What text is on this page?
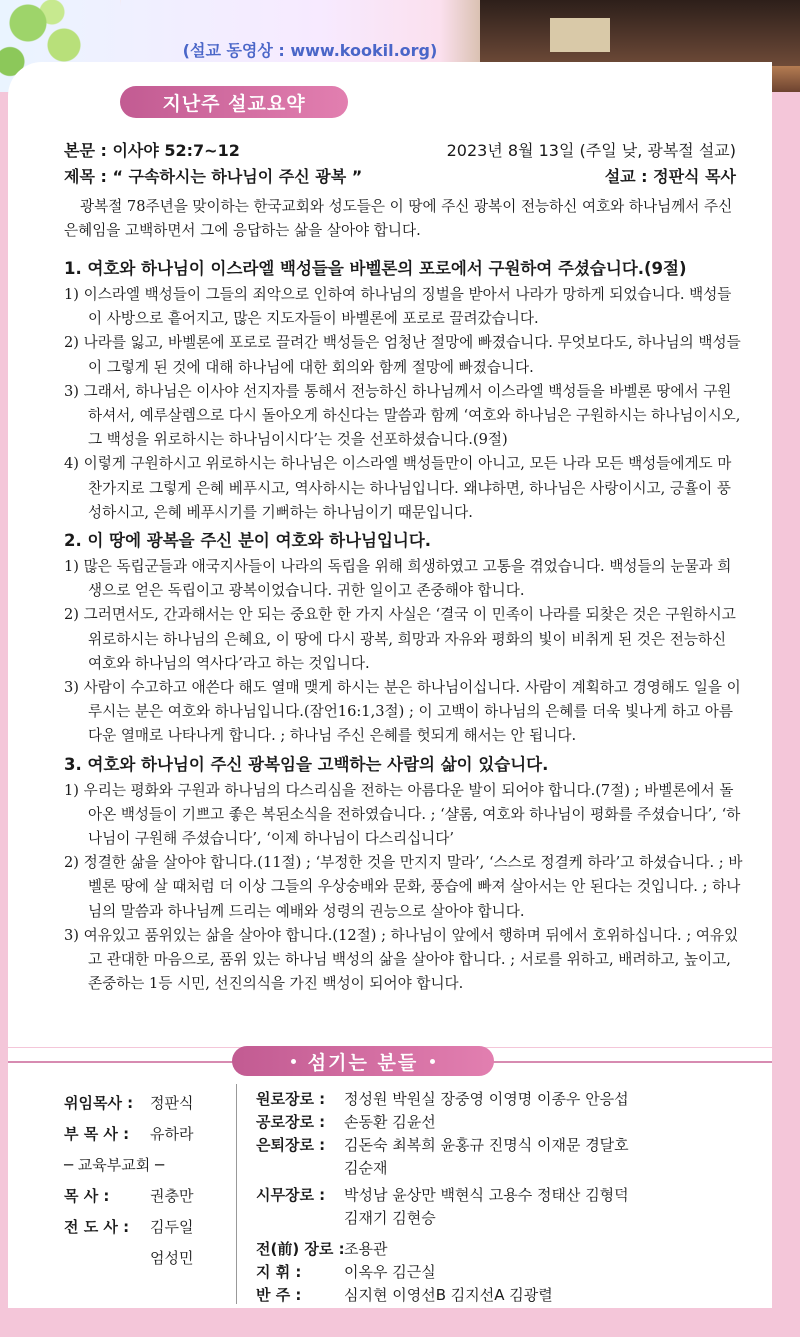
(설교 동영상 : www.kookil.org)
지난주 설교요약
본문 : 이사야 52:7~12	2023년 8월 13일 (주일 낮, 광복절 설교)
제목 : “ 구속하시는 하나님이 주신 광복 ”	설교 : 정판식 목사
광복절 78주년을 맞이하는 한국교회와 성도들은 이 땅에 주신 광복이 전능하신 여호와 하나님께서 주신 은혜임을 고백하면서 그에 응답하는 삶을 살아야 합니다.
1. 여호와 하나님이 이스라엘 백성들을 바벨론의 포로에서 구원하여 주셨습니다.(9절)
1) 이스라엘 백성들이 그들의 죄악으로 인하여 하나님의 징벌을 받아서 나라가 망하게 되었습니다. 백성들이 사방으로 흩어지고, 많은 지도자들이 바벨론에 포로로 끌려갔습니다.
2) 나라를 잃고, 바벨론에 포로로 끌려간 백성들은 엄청난 절망에 빠졌습니다. 무엇보다도, 하나님의 백성들이 그렇게 된 것에 대해 하나님에 대한 회의와 함께 절망에 빠졌습니다.
3) 그래서, 하나님은 이사야 선지자를 통해서 전능하신 하나님께서 이스라엘 백성들을 바벨론 땅에서 구원하셔서, 예루살렘으로 다시 돌아오게 하신다는 말씀과 함께 ‘여호와 하나님은 구원하시는 하나님이시오, 그 백성을 위로하시는 하나님이시다’는 것을 선포하셨습니다.(9절)
4) 이렇게 구원하시고 위로하시는 하나님은 이스라엘 백성들만이 아니고, 모든 나라 모든 백성들에게도 마찬가지로 그렇게 은혜 베푸시고, 역사하시는 하나님입니다. 왜냐하면, 하나님은 사랑이시고, 긍휼이 풍성하시고, 은혜 베푸시기를 기뻐하는 하나님이기 때문입니다.
2. 이 땅에 광복을 주신 분이 여호와 하나님입니다.
1) 많은 독립군들과 애국지사들이 나라의 독립을 위해 희생하였고 고통을 겪었습니다. 백성들의 눈물과 희생으로 얻은 독립이고 광복이었습니다. 귀한 일이고 존중해야 합니다.
2) 그러면서도, 간과해서는 안 되는 중요한 한 가지 사실은 ‘결국 이 민족이 나라를 되찾은 것은 구원하시고 위로하시는 하나님의 은혜요, 이 땅에 다시 광복, 희망과 자유와 평화의 빛이 비취게 된 것은 전능하신 여호와 하나님의 역사다’라고 하는 것입니다.
3) 사람이 수고하고 애쓴다 해도 열매 맺게 하시는 분은 하나님이십니다. 사람이 계획하고 경영해도 일을 이루시는 분은 여호와 하나님입니다.(잠언16:1,3절) ; 이 고백이 하나님의 은혜를 더욱 빛나게 하고 아름다운 열매로 나타나게 합니다. ; 하나님 주신 은혜를 헛되게 해서는 안 됩니다.
3. 여호와 하나님이 주신 광복임을 고백하는 사람의 삶이 있습니다.
1) 우리는 평화와 구원과 하나님의 다스리심을 전하는 아름다운 발이 되어야 합니다.(7절) ; 바벨론에서 돌아온 백성들이 기쁘고 좋은 복된소식을 전하였습니다. ; ‘샬롬, 여호와 하나님이 평화를 주셨습니다’, ‘하나님이 구원해 주셨습니다’, ‘이제 하나님이 다스리십니다’
2) 정결한 삶을 살아야 합니다.(11절) ; ‘부정한 것을 만지지 말라’, ‘스스로 정결케 하라’고 하셨습니다. ; 바벨론 땅에 살 때처럼 더 이상 그들의 우상숭배와 문화, 풍습에 빠져 살아서는 안 된다는 것입니다. ; 하나님의 말씀과 하나님께 드리는 예배와 성령의 권능으로 살아야 합니다.
3) 여유있고 품위있는 삶을 살아야 합니다.(12절) ; 하나님이 앞에서 행하며 뒤에서 호위하십니다. ; 여유있고 관대한 마음으로, 품위 있는 하나님 백성의 삶을 살아야 합니다. ; 서로를 위하고, 배려하고, 높이고, 존중하는 1등 시민, 선진의식을 가진 백성이 되어야 합니다.
섬기는 분들
위임목사 : 정판식
부 목 사 : 유하라
─ 교육부교회 ─
목 사 :	권충만
전 도 사 : 김두일
엄성민
원로장로 : 정성원 박원실 장중영 이영명 이종우 안응섭
공로장로 : 손동환 김윤선
은퇴장로 : 김돈숙 최복희 윤홍규 진명식 이재문 경달호
김순재
시무장로 : 박성남 윤상만 백현식 고용수 정태산 김형덕
김재기 김현승
전(前) 장로 :조용관
지 휘 :	이옥우 김근실
반 주 :	심지현 이영선B 김지선A 김광렬
